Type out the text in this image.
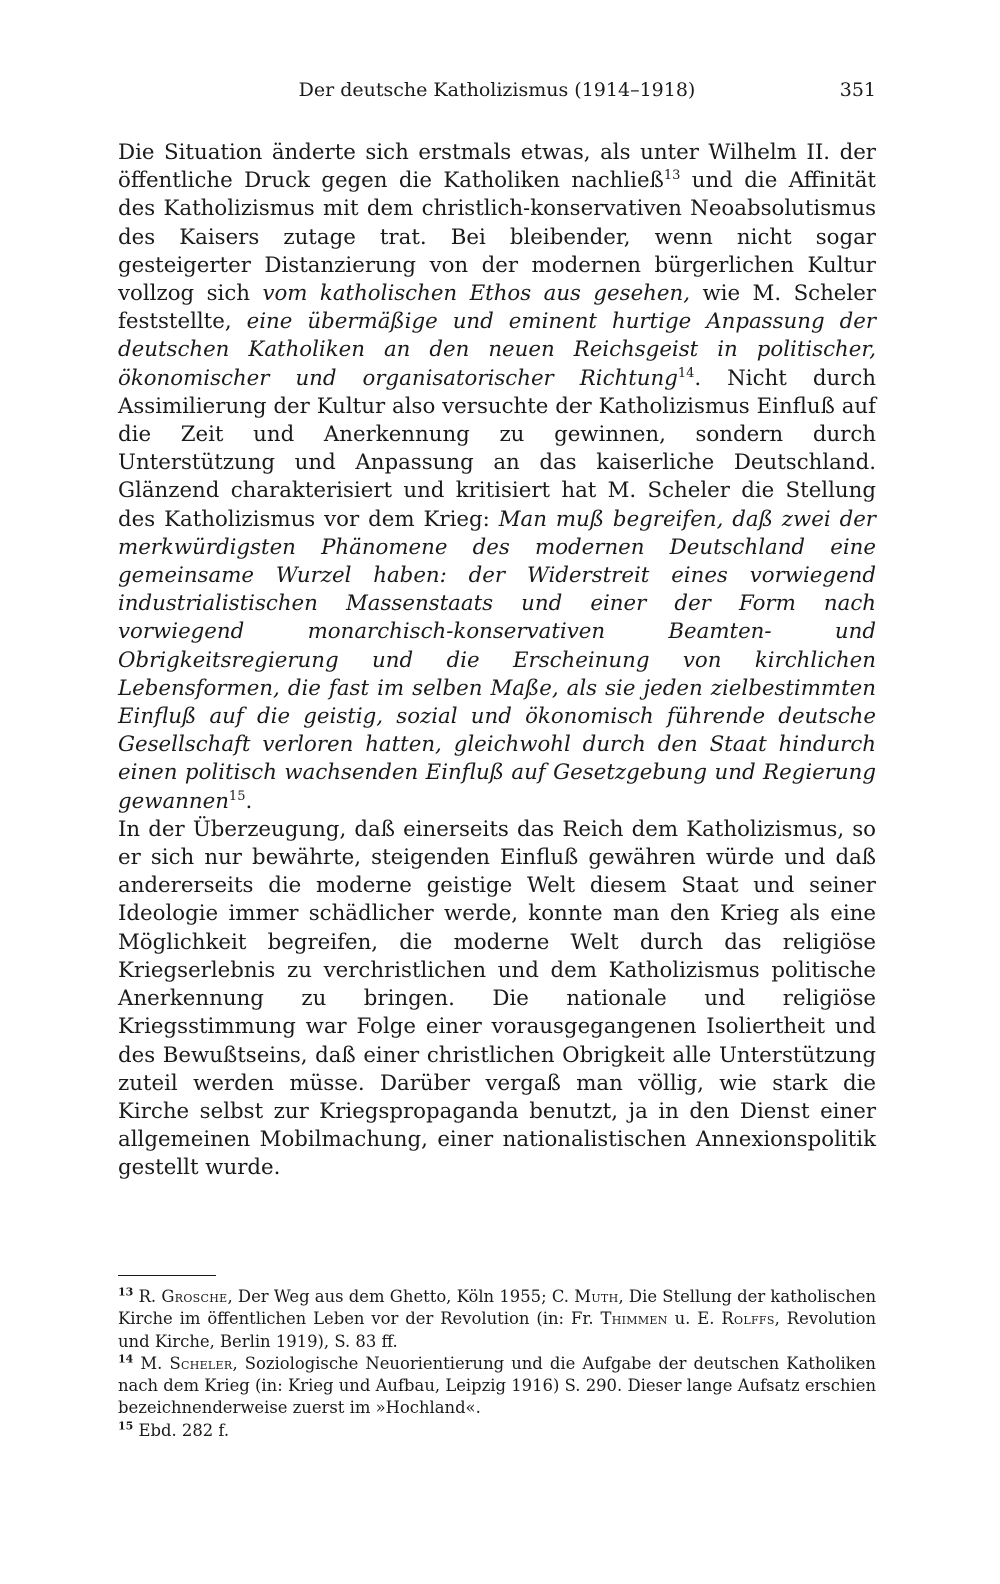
Der deutsche Katholizismus (1914–1918)	351

Die Situation änderte sich erstmals etwas, als unter Wilhelm II. der öffentliche Druck gegen die Katholiken nachließ$^{13}$ und die Affinität des Katholizismus mit dem christlich-konservativen Neoabsolutismus des Kaisers zutage trat. Bei bleibender, wenn nicht sogar gesteigerter Distanzierung von der modernen bürgerlichen Kultur vollzog sich vom katholischen Ethos aus gesehen, wie M. Scheler feststellte, eine übermäßige und eminent hurtige Anpassung der deutschen Katholiken an den neuen Reichsgeist in politischer, ökonomischer und organisatorischer Richtung$^{14}$. Nicht durch Assimilierung der Kultur also versuchte der Katholizismus Einfluß auf die Zeit und Anerkennung zu gewinnen, sondern durch Unterstützung und Anpassung an das kaiserliche Deutschland. Glänzend charakterisiert und kritisiert hat M. Scheler die Stellung des Katholizismus vor dem Krieg: Man muß begreifen, daß zwei der merkwürdigsten Phänomene des modernen Deutschland eine gemeinsame Wurzel haben: der Widerstreit eines vorwiegend industrialistischen Massenstaats und einer der Form nach vorwiegend monarchisch-konservativen Beamten- und Obrigkeitsregierung und die Erscheinung von kirchlichen Lebensformen, die fast im selben Maße, als sie jeden zielbestimmten Einfluß auf die geistig, sozial und ökonomisch führende deutsche Gesellschaft verloren hatten, gleichwohl durch den Staat hindurch einen politisch wachsenden Einfluß auf Gesetzgebung und Regierung gewannen$^{15}$.

In der Überzeugung, daß einerseits das Reich dem Katholizismus, so er sich nur bewährte, steigenden Einfluß gewähren würde und daß andererseits die moderne geistige Welt diesem Staat und seiner Ideologie immer schädlicher werde, konnte man den Krieg als eine Möglichkeit begreifen, die moderne Welt durch das religiöse Kriegserlebnis zu verchristlichen und dem Katholizismus politische Anerkennung zu bringen. Die nationale und religiöse Kriegsstimmung war Folge einer vorausgegangenen Isoliertheit und des Bewußtseins, daß einer christlichen Obrigkeit alle Unterstützung zuteil werden müsse. Darüber vergaß man völlig, wie stark die Kirche selbst zur Kriegspropaganda benutzt, ja in den Dienst einer allgemeinen Mobilmachung, einer nationalistischen Annexionspolitik gestellt wurde.

$^{13}$ R. Grosche, Der Weg aus dem Ghetto, Köln 1955; C. Muth, Die Stellung der katholischen Kirche im öffentlichen Leben vor der Revolution (in: Fr. Thimmen u. E. Rolffs, Revolution und Kirche, Berlin 1919), S. 83 ff.

$^{14}$ M. Scheler, Soziologische Neuorientierung und die Aufgabe der deutschen Katholiken nach dem Krieg (in: Krieg und Aufbau, Leipzig 1916) S. 290. Dieser lange Aufsatz erschien bezeichnenderweise zuerst im »Hochland«.

$^{15}$ Ebd. 282 f.
